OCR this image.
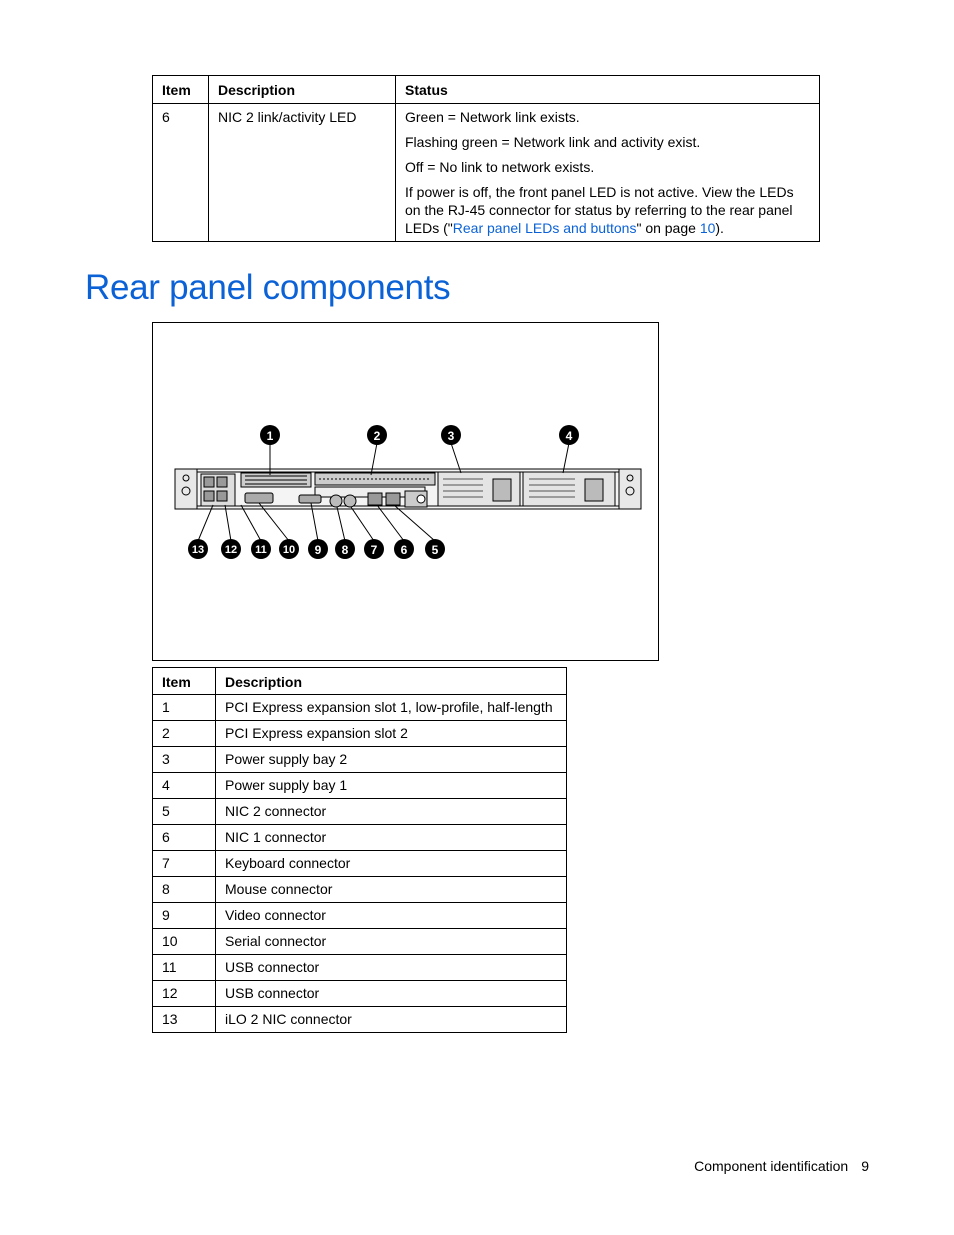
Item	Description	Status
6	NIC 2 link/activity LED	Green = Network link exists.

Flashing green = Network link and activity exist.

Off = No link to network exists.

If power is off, the front panel LED is not active. View the LEDs on the RJ-45 connector for status by referring to the rear panel LEDs ("Rear panel LEDs and buttons" on page 10).

Rear panel components
1	2	3	4
13 12 11 10 9 8 7 6 5
Item	Description
1	PCI Express expansion slot 1, low-profile, half-length
2	PCI Express expansion slot 2
3	Power supply bay 2
4	Power supply bay 1
5	NIC 2 connector
6	NIC 1 connector
7	Keyboard connector
8	Mouse connector
9	Video connector
10	Serial connector
11	USB connector
12	USB connector
13	iLO 2 NIC connector
Component identification 9
